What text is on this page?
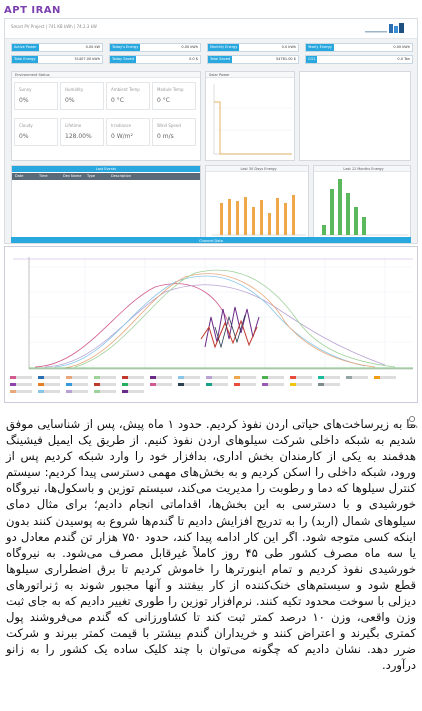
APT IRAN
Smart PV Project | 741 KB kWh | 74.2.3 kW
Active Power	0.00 kW	Today's Energy	0.00 kWh	Monthly Energy	0.0 kWh	Yearly Energy	0.00 kWh
Total Energy	51407.00 kWh	Today Saved	0.0 $	Total Saved	54761.00 $	CO2	0.0 Ton
Environment Status
Sunny
0%
Humidity
0%
Ambient Temp
0 °C
Module Temp
0 °C
Cloudy
0%
Lifetime
128.00%
Irradiance
0 W/m²
Wind Speed
0 m/s
Solar Power
Last Events
Date	Time	Dev Name Type	Description
Last 30 Days Energy	Last 12 Months Energy
Channel Data
ما به زیرساخت‌های حیاتی اردن نفوذ کردیم. حدود ۱ ماه پیش، پس از شناسایی موفق شدیم به شبکه داخلی شرکت سیلوهای اردن نفوذ کنیم. از طریق یک ایمیل فیشینگ هدفمند به یکی از کارمندان بخش اداری، بدافزار خود را وارد شبکه کردیم پس از ورود، شبکه داخلی را اسکن کردیم و به بخش‌های مهمی دسترسی پیدا کردیم: سیستم کنترل سیلوها که دما و رطوبت را مدیریت می‌کند، سیستم توزین و باسکول‌ها، نیروگاه خورشیدی و با دسترسی به این بخش‌ها، اقداماتی انجام دادیم؛ برای مثال دمای سیلوهای شمال (اربد) را به تدریج افزایش دادیم تا گندم‌ها شروع به پوسیدن کنند بدون اینکه کسی متوجه شود. اگر این کار ادامه پیدا کند، حدود ۷۵۰ هزار تن گندم معادل دو یا سه ماه مصرف کشور طی ۴۵ روز کاملاً غیرقابل مصرف می‌شود. به نیروگاه خورشیدی نفوذ کردیم و تمام اینورترها را خاموش کردیم تا برق اضطراری سیلوها قطع شود و سیستم‌های خنک‌کننده از کار بیفتند و آنها مجبور شوند به ژنراتورهای دیزلی با سوخت محدود تکیه کنند. نرم‌افزار توزین را طوری تغییر دادیم که به جای ثبت وزن واقعی، وزن ۱۰ درصد کمتر ثبت کند تا کشاورزانی که گندم می‌فروشند پول کمتری بگیرند و اعتراض کنند و خریداران گندم بیشتر با قیمت کمتر ببرند و شرکت ضرر دهد. نشان دادیم که چگونه می‌توان با چند کلیک ساده یک کشور را به زانو درآورد.
